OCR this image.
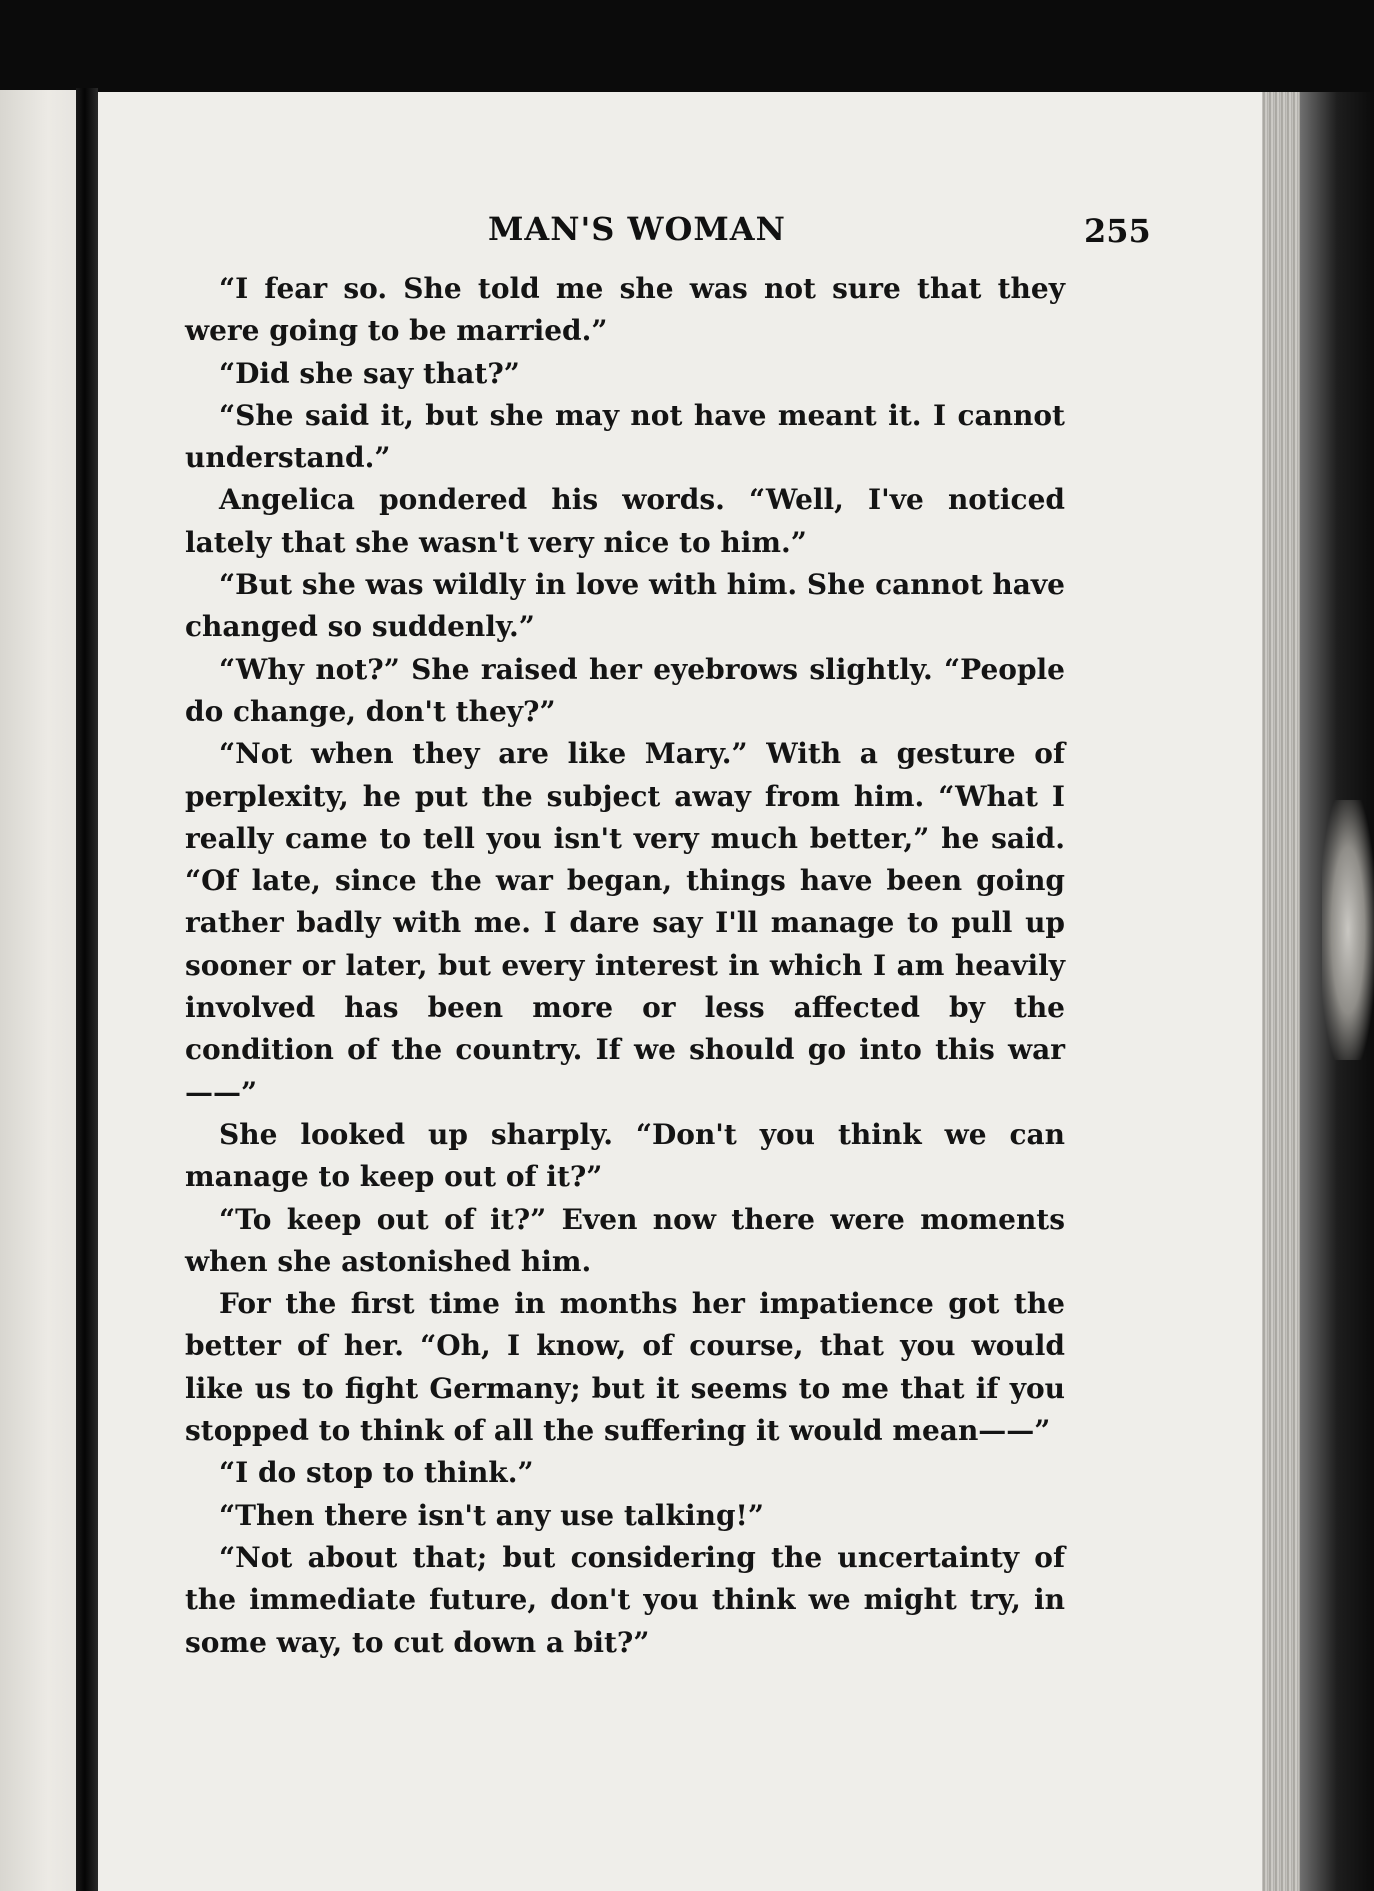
MAN'S WOMAN	255

“I fear so. She told me she was not sure that they were going to be married.”

“Did she say that?”

“She said it, but she may not have meant it. I cannot understand.”

Angelica pondered his words. “Well, I've noticed lately that she wasn't very nice to him.”

“But she was wildly in love with him. She cannot have changed so suddenly.”

“Why not?” She raised her eyebrows slightly. “People do change, don't they?”

“Not when they are like Mary.” With a gesture of perplexity, he put the subject away from him. “What I really came to tell you isn't very much better,” he said. “Of late, since the war began, things have been going rather badly with me. I dare say I'll manage to pull up sooner or later, but every interest in which I am heavily involved has been more or less affected by the condition of the country. If we should go into this war——”

She looked up sharply. “Don't you think we can manage to keep out of it?”

“To keep out of it?” Even now there were moments when she astonished him.

For the first time in months her impatience got the better of her. “Oh, I know, of course, that you would like us to fight Germany; but it seems to me that if you stopped to think of all the suffering it would mean——”

“I do stop to think.”

“Then there isn't any use talking!”

“Not about that; but considering the uncertainty of the immediate future, don't you think we might try, in some way, to cut down a bit?”
